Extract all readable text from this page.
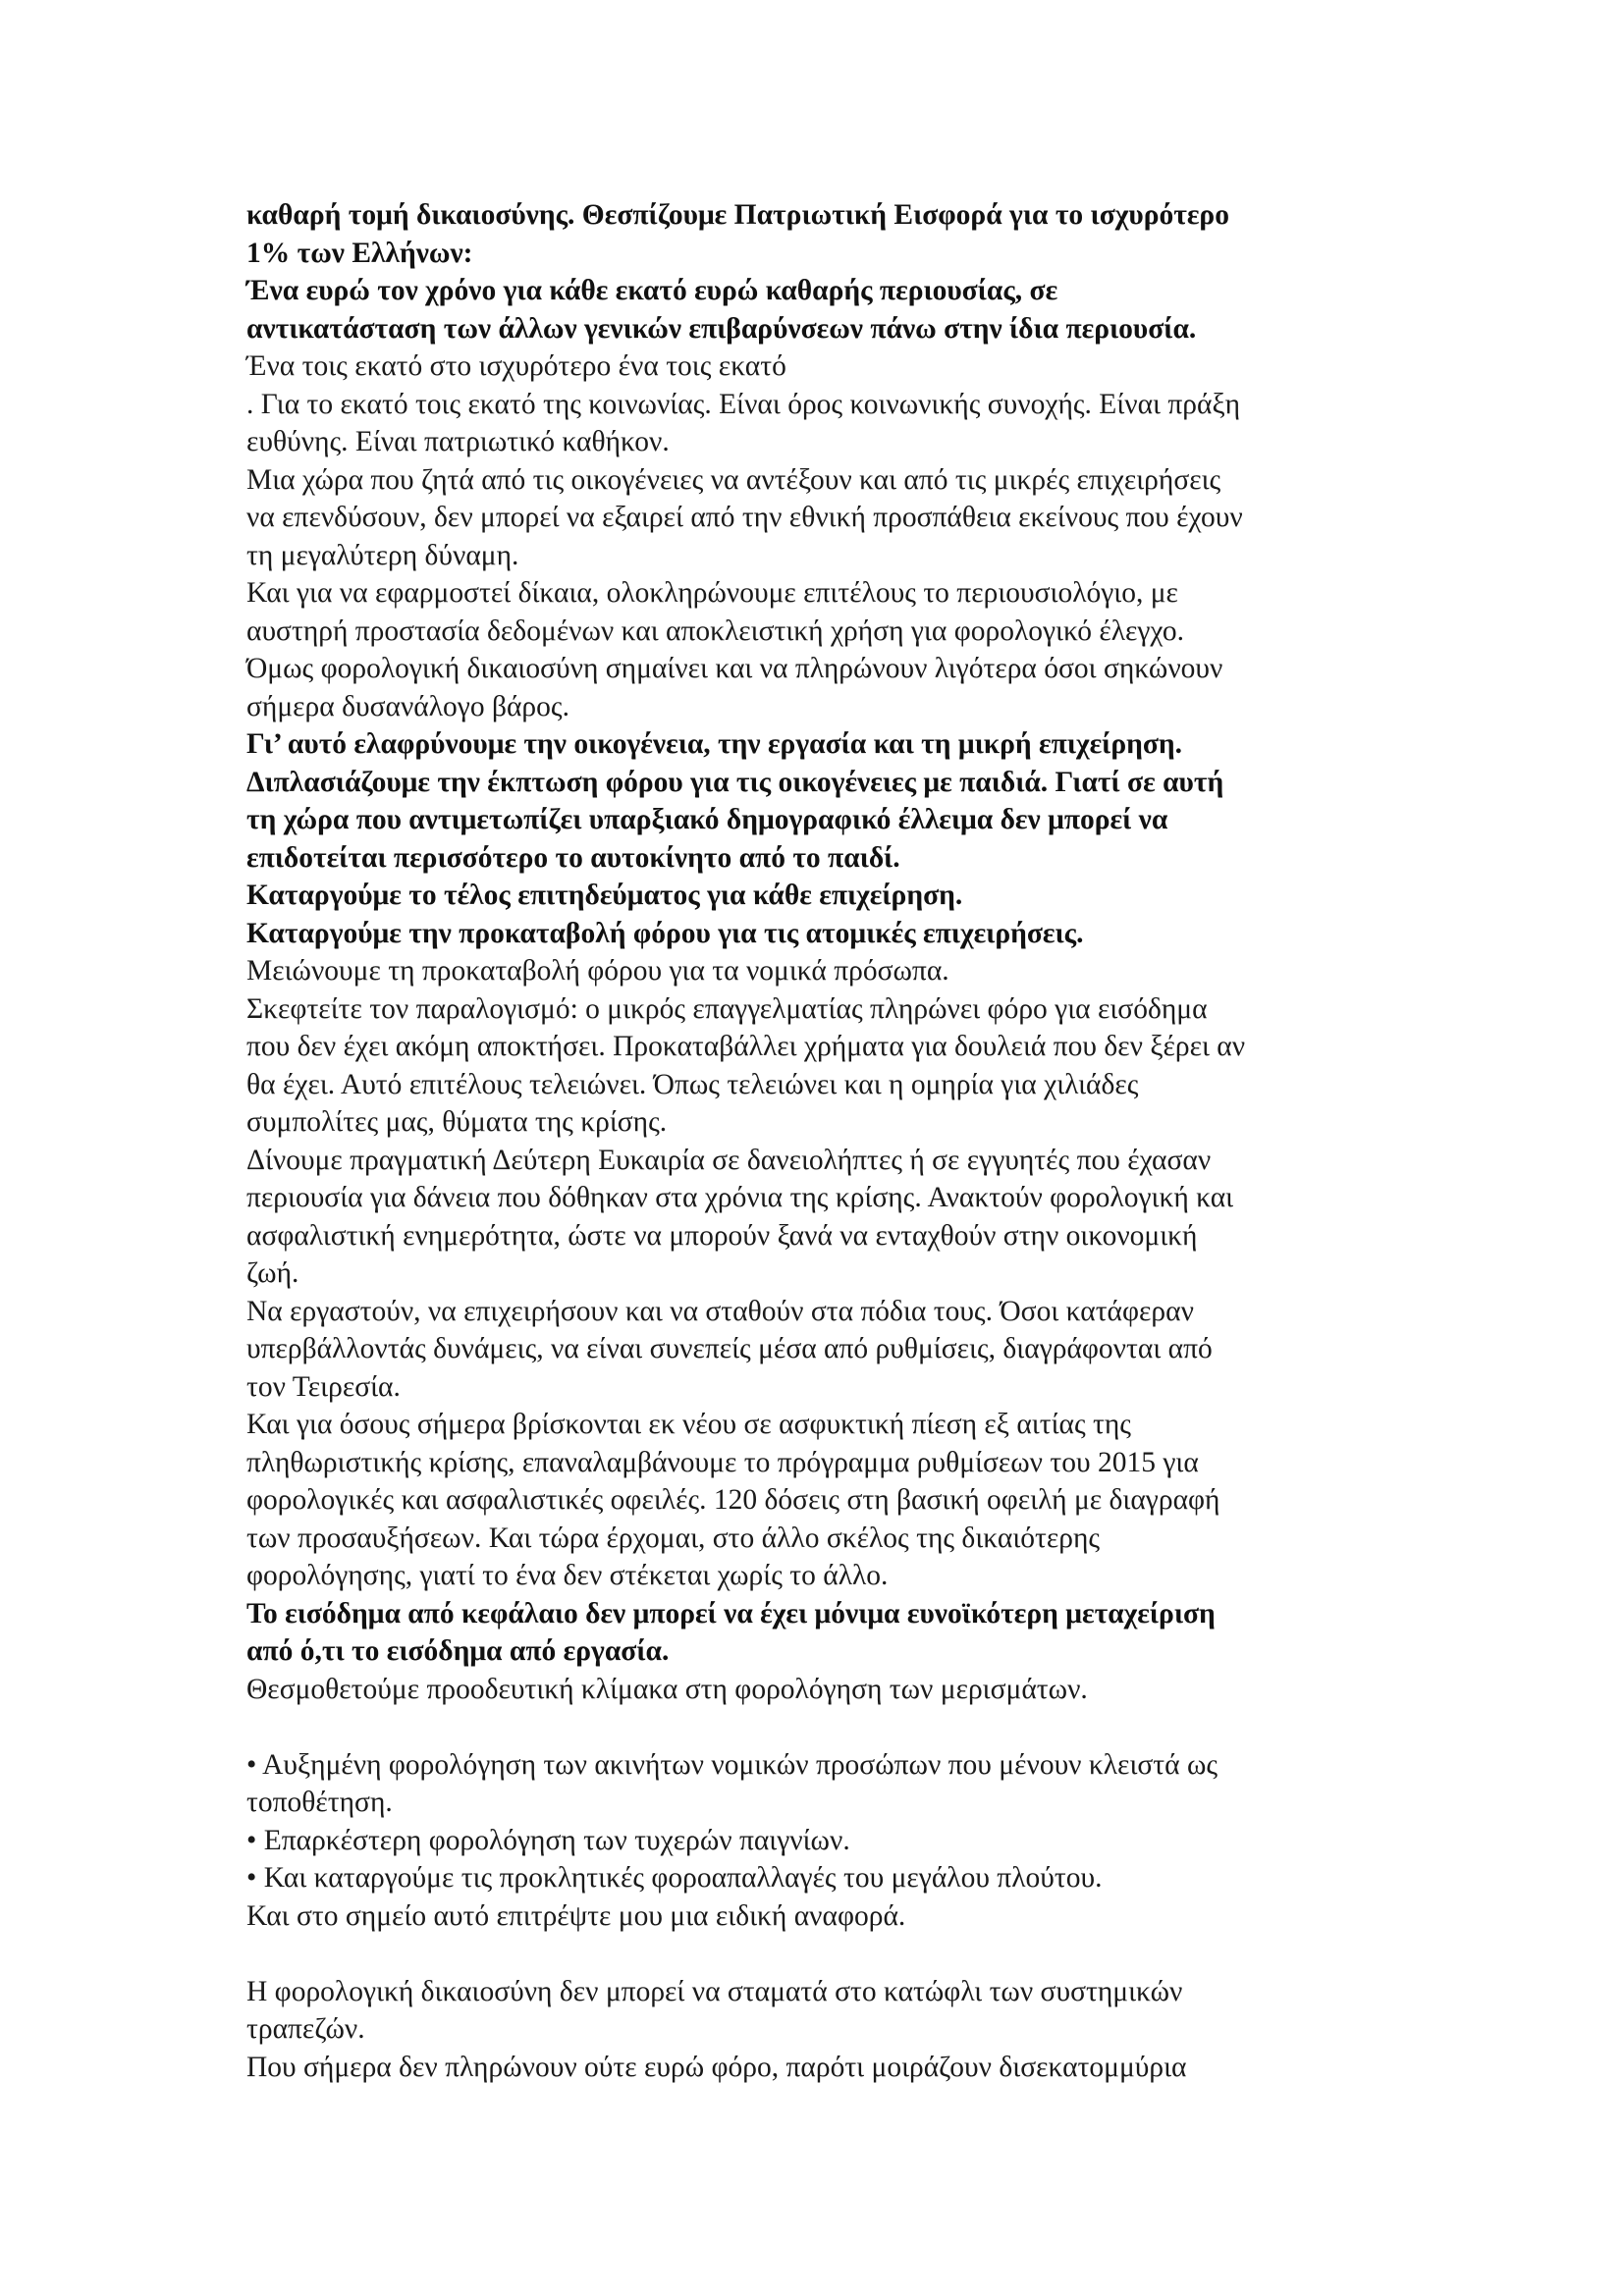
καθαρή τομή δικαιοσύνης. Θεσπίζουμε Πατριωτική Εισφορά για το ισχυρότερο

1% των Ελλήνων:

Ένα ευρώ τον χρόνο για κάθε εκατό ευρώ καθαρής περιουσίας, σε

αντικατάσταση των άλλων γενικών επιβαρύνσεων πάνω στην ίδια περιουσία.

Ένα τοις εκατό στο ισχυρότερο ένα τοις εκατό

. Για το εκατό τοις εκατό της κοινωνίας. Είναι όρος κοινωνικής συνοχής. Είναι πράξη

ευθύνης. Είναι πατριωτικό καθήκον.

Μια χώρα που ζητά από τις οικογένειες να αντέξουν και από τις μικρές επιχειρήσεις

να επενδύσουν, δεν μπορεί να εξαιρεί από την εθνική προσπάθεια εκείνους που έχουν

τη μεγαλύτερη δύναμη.

Και για να εφαρμοστεί δίκαια, ολοκληρώνουμε επιτέλους το περιουσιολόγιο, με

αυστηρή προστασία δεδομένων και αποκλειστική χρήση για φορολογικό έλεγχο.

Όμως φορολογική δικαιοσύνη σημαίνει και να πληρώνουν λιγότερα όσοι σηκώνουν

σήμερα δυσανάλογο βάρος.

Γι’ αυτό ελαφρύνουμε την οικογένεια, την εργασία και τη μικρή επιχείρηση.

Διπλασιάζουμε την έκπτωση φόρου για τις οικογένειες με παιδιά. Γιατί σε αυτή

τη χώρα που αντιμετωπίζει υπαρξιακό δημογραφικό έλλειμα δεν μπορεί να

επιδοτείται περισσότερο το αυτοκίνητο από το παιδί.

Καταργούμε το τέλος επιτηδεύματος για κάθε επιχείρηση.

Καταργούμε την προκαταβολή φόρου για τις ατομικές επιχειρήσεις.

Μειώνουμε τη προκαταβολή φόρου για τα νομικά πρόσωπα.

Σκεφτείτε τον παραλογισμό: ο μικρός επαγγελματίας πληρώνει φόρο για εισόδημα

που δεν έχει ακόμη αποκτήσει. Προκαταβάλλει χρήματα για δουλειά που δεν ξέρει αν

θα έχει. Αυτό επιτέλους τελειώνει. Όπως τελειώνει και η ομηρία για χιλιάδες

συμπολίτες μας, θύματα της κρίσης.

Δίνουμε πραγματική Δεύτερη Ευκαιρία σε δανειολήπτες ή σε εγγυητές που έχασαν

περιουσία για δάνεια που δόθηκαν στα χρόνια της κρίσης. Ανακτούν φορολογική και

ασφαλιστική ενημερότητα, ώστε να μπορούν ξανά να ενταχθούν στην οικονομική

ζωή.

Να εργαστούν, να επιχειρήσουν και να σταθούν στα πόδια τους. Όσοι κατάφεραν

υπερβάλλοντάς δυνάμεις, να είναι συνεπείς μέσα από ρυθμίσεις, διαγράφονται από

τον Τειρεσία.

Και για όσους σήμερα βρίσκονται εκ νέου σε ασφυκτική πίεση εξ αιτίας της

πληθωριστικής κρίσης, επαναλαμβάνουμε το πρόγραμμα ρυθμίσεων του 2015 για

φορολογικές και ασφαλιστικές οφειλές. 120 δόσεις στη βασική οφειλή με διαγραφή

των προσαυξήσεων. Και τώρα έρχομαι, στο άλλο σκέλος της δικαιότερης

φορολόγησης, γιατί το ένα δεν στέκεται χωρίς το άλλο.

Το εισόδημα από κεφάλαιο δεν μπορεί να έχει μόνιμα ευνοϊκότερη μεταχείριση

από ό,τι το εισόδημα από εργασία.

Θεσμοθετούμε προοδευτική κλίμακα στη φορολόγηση των μερισμάτων.

• Αυξημένη φορολόγηση των ακινήτων νομικών προσώπων που μένουν κλειστά ως

τοποθέτηση.

• Επαρκέστερη φορολόγηση των τυχερών παιγνίων.

• Και καταργούμε τις προκλητικές φοροαπαλλαγές του μεγάλου πλούτου.

Και στο σημείο αυτό επιτρέψτε μου μια ειδική αναφορά.

Η φορολογική δικαιοσύνη δεν μπορεί να σταματά στο κατώφλι των συστημικών

τραπεζών.

Που σήμερα δεν πληρώνουν ούτε ευρώ φόρο, παρότι μοιράζουν δισεκατομμύρια
